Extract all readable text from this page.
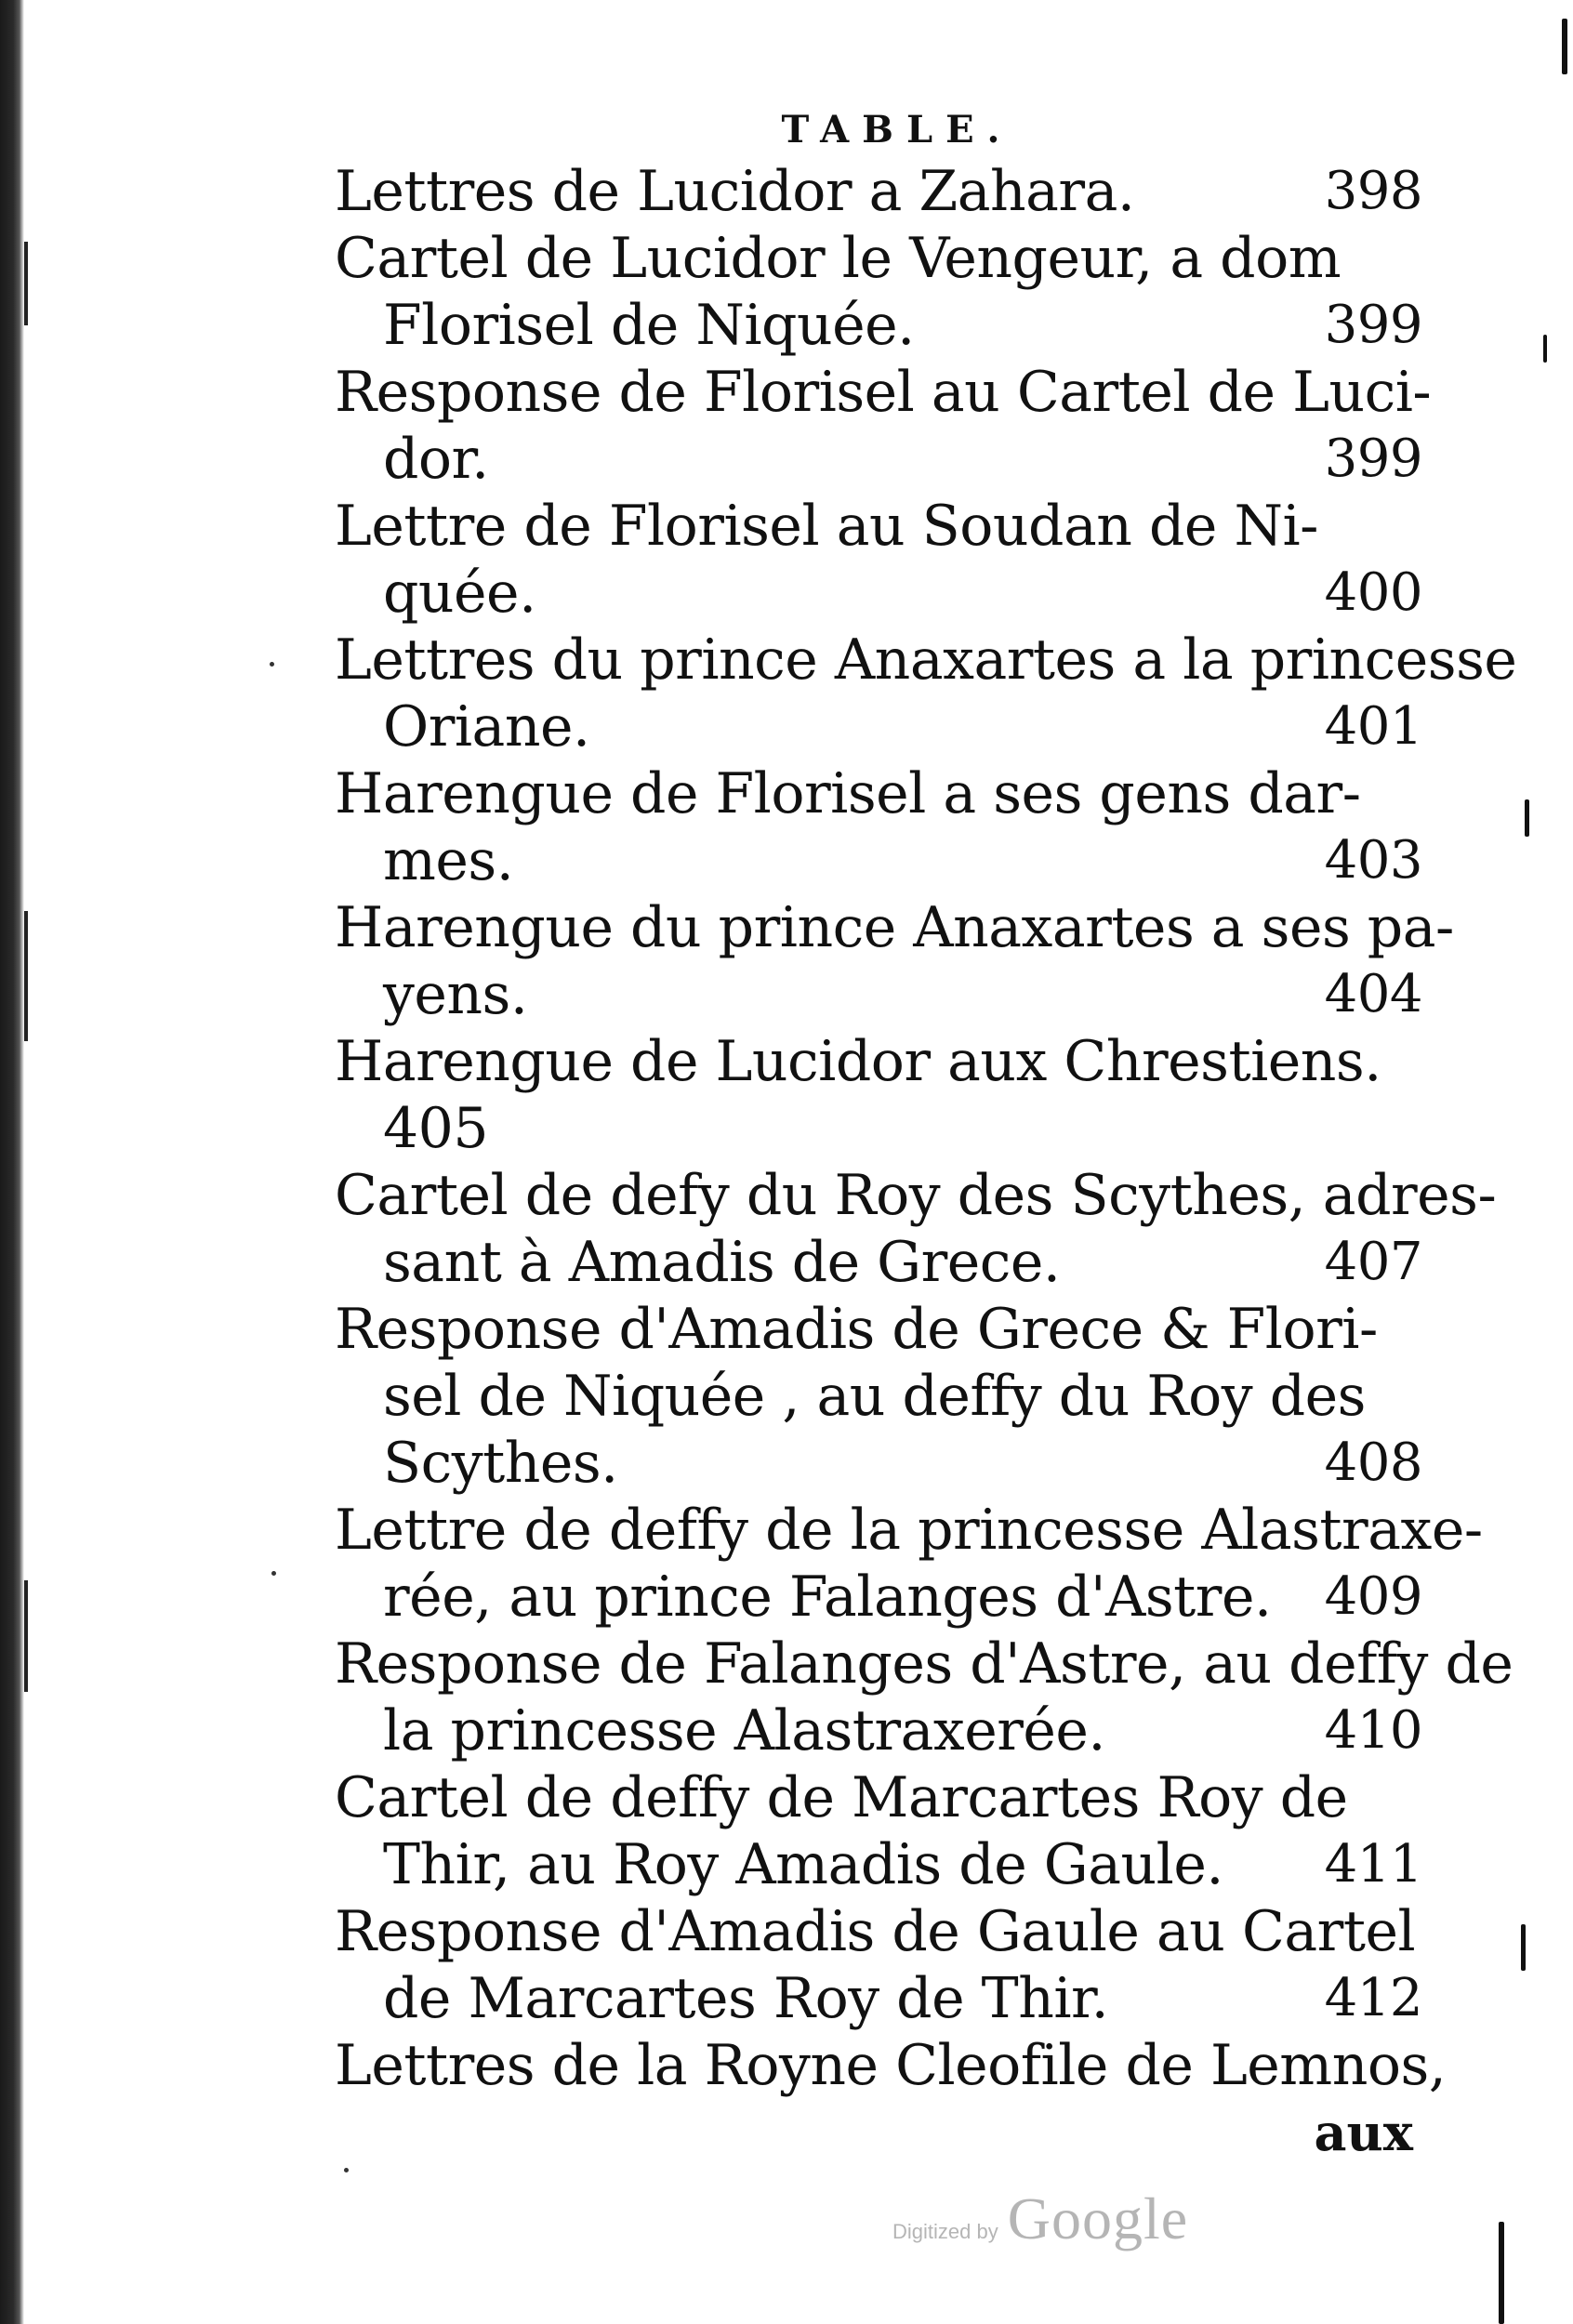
TABLE.
Lettres de Lucidor a Zahara.	398
Cartel de Lucidor le Vengeur, a dom
Florisel de Niquée.	399
Response de Florisel au Cartel de Luci-
dor.	399
Lettre de Florisel au Soudan de Ni-
quée.	400
Lettres du prince Anaxartes a la princesse
Oriane.	401
Harengue de Florisel a ses gens dar-
mes.	403
Harengue du prince Anaxartes a ses pa-
yens.	404
Harengue de Lucidor aux Chrestiens.
405
Cartel de defy du Roy des Scythes, adres-
sant à Amadis de Grece.	407
Response d'Amadis de Grece & Flori-
sel de Niquée , au deffy du Roy des
Scythes.	408
Lettre de deffy de la princesse Alastraxe-
rée, au prince Falanges d'Astre. 409
Response de Falanges d'Astre, au deffy de
la princesse Alastraxerée.	410
Cartel de deffy de Marcartes Roy de
Thir, au Roy Amadis de Gaule. 411
Response d'Amadis de Gaule au Cartel
de Marcartes Roy de Thir.	412
Lettres de la Royne Cleofile de Lemnos,
aux
Digitized by Google
